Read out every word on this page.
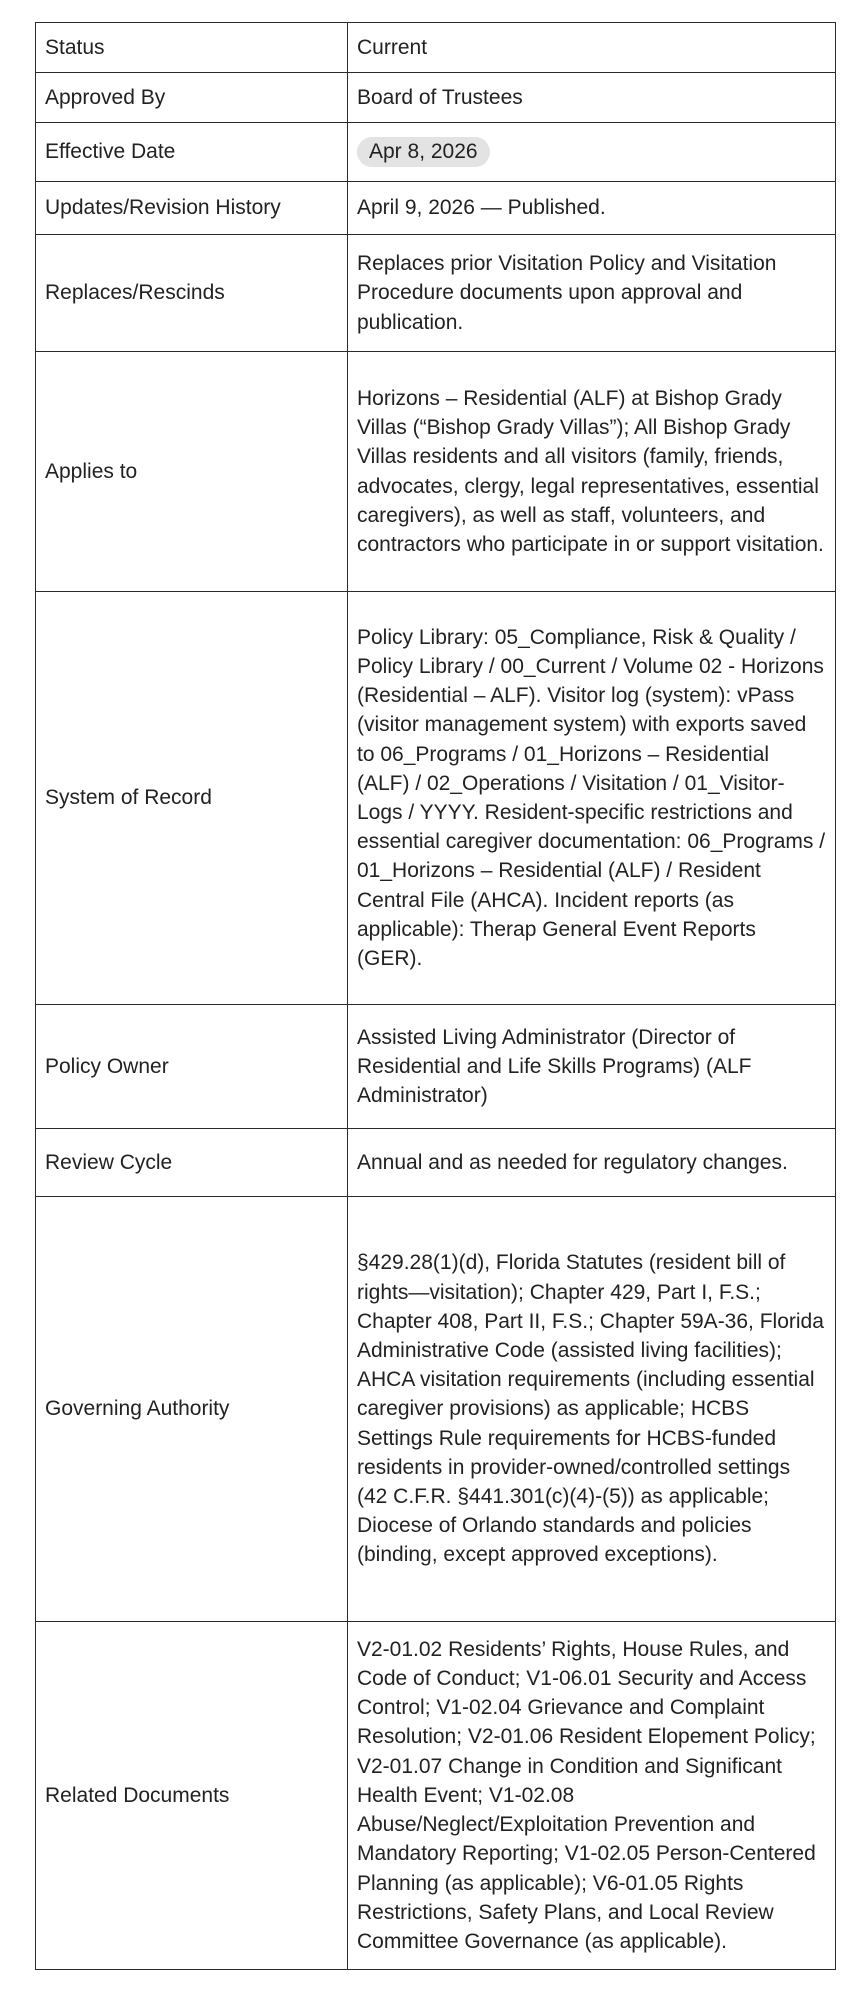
Status	Current
Approved By	Board of Trustees
Effective Date	Apr 8, 2026
Updates/Revision History	April 9, 2026 — Published.
Replaces/Rescinds	Replaces prior Visitation Policy and Visitation Procedure documents upon approval and publication.
Applies to	Horizons – Residential (ALF) at Bishop Grady Villas (“Bishop Grady Villas”); All Bishop Grady Villas residents and all visitors (family, friends, advocates, clergy, legal representatives, essential caregivers), as well as staff, volunteers, and contractors who participate in or support visitation.
System of Record	Policy Library: 05_Compliance, Risk & Quality / Policy Library / 00_Current / Volume 02 - Horizons (Residential – ALF). Visitor log (system): vPass (visitor management system) with exports saved to 06_Programs / 01_Horizons – Residential (ALF) / 02_Operations / Visitation / 01_Visitor-Logs / YYYY. Resident-specific restrictions and essential caregiver documentation: 06_Programs / 01_Horizons – Residential (ALF) / Resident Central File (AHCA). Incident reports (as applicable): Therap General Event Reports (GER).
Policy Owner	Assisted Living Administrator (Director of Residential and Life Skills Programs) (ALF Administrator)
Review Cycle	Annual and as needed for regulatory changes.
Governing Authority	§429.28(1)(d), Florida Statutes (resident bill of rights—visitation); Chapter 429, Part I, F.S.; Chapter 408, Part II, F.S.; Chapter 59A-36, Florida Administrative Code (assisted living facilities); AHCA visitation requirements (including essential caregiver provisions) as applicable; HCBS Settings Rule requirements for HCBS-funded residents in provider-owned/controlled settings (42 C.F.R. §441.301(c)(4)-(5)) as applicable; Diocese of Orlando standards and policies (binding, except approved exceptions).
Related Documents	V2-01.02 Residents’ Rights, House Rules, and Code of Conduct; V1-06.01 Security and Access Control; V1-02.04 Grievance and Complaint Resolution; V2-01.06 Resident Elopement Policy; V2-01.07 Change in Condition and Significant Health Event; V1-02.08 Abuse/Neglect/Exploitation Prevention and Mandatory Reporting; V1-02.05 Person-Centered Planning (as applicable); V6-01.05 Rights Restrictions, Safety Plans, and Local Review Committee Governance (as applicable).
